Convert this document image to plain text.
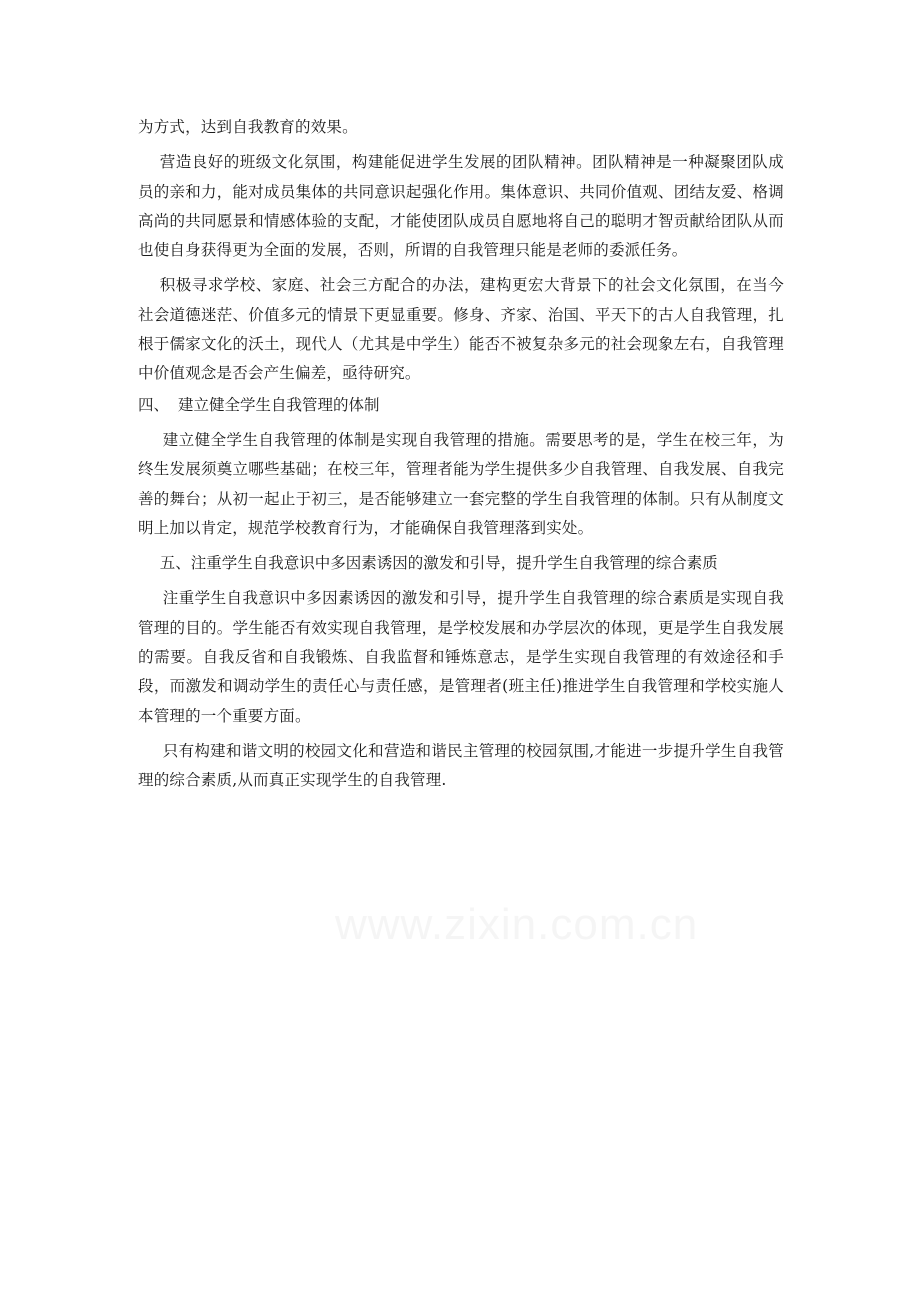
为方式，达到自我教育的效果。

营造良好的班级文化氛围，构建能促进学生发展的团队精神。团队精神是一种凝聚团队成员的亲和力，能对成员集体的共同意识起强化作用。集体意识、共同价值观、团结友爱、格调高尚的共同愿景和情感体验的支配，才能使团队成员自愿地将自己的聪明才智贡献给团队从而也使自身获得更为全面的发展，否则，所谓的自我管理只能是老师的委派任务。

积极寻求学校、家庭、社会三方配合的办法，建构更宏大背景下的社会文化氛围，在当今社会道德迷茫、价值多元的情景下更显重要。修身、齐家、治国、平天下的古人自我管理，扎根于儒家文化的沃土，现代人（尤其是中学生）能否不被复杂多元的社会现象左右，自我管理中价值观念是否会产生偏差，亟待研究。

四、 建立健全学生自我管理的体制

建立健全学生自我管理的体制是实现自我管理的措施。需要思考的是，学生在校三年，为终生发展须奠立哪些基础；在校三年，管理者能为学生提供多少自我管理、自我发展、自我完善的舞台；从初一起止于初三，是否能够建立一套完整的学生自我管理的体制。只有从制度文明上加以肯定，规范学校教育行为，才能确保自我管理落到实处。

五、注重学生自我意识中多因素诱因的激发和引导，提升学生自我管理的综合素质

注重学生自我意识中多因素诱因的激发和引导，提升学生自我管理的综合素质是实现自我管理的目的。学生能否有效实现自我管理，是学校发展和办学层次的体现，更是学生自我发展的需要。自我反省和自我锻炼、自我监督和锤炼意志，是学生实现自我管理的有效途径和手段，而激发和调动学生的责任心与责任感，是管理者(班主任)推进学生自我管理和学校实施人本管理的一个重要方面。

只有构建和谐文明的校园文化和营造和谐民主管理的校园氛围,才能进一步提升学生自我管理的综合素质,从而真正实现学生的自我管理.

www.zixin.com.cn
